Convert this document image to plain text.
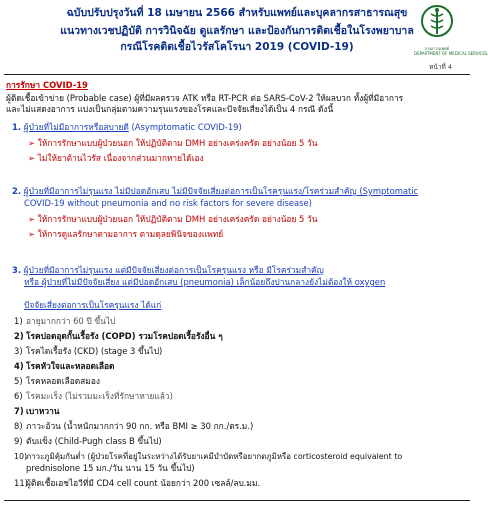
ฉบับปรับปรุงวันที่ 18 เมษายน 2566 สำหรับแพทย์และบุคลากรสาธารณสุข
แนวทางเวชปฏิบัติ การวินิจฉัย ดูแลรักษา และป้องกันการติดเชื้อในโรงพยาบาล
กรณีโรคติดเชื้อไวรัสโคโรนา 2019 (COVID-19)	กรมการแพทย์
DEPARTMENT OF MEDICAL SERVICES
หน้าที่ 4
การรักษา COVID-19
ผู้ติดเชื้อเข้าข่าย (Probable case) ผู้ที่มีผลตรวจ ATK หรือ RT-PCR ต่อ SARS-CoV-2 ให้ผลบวก ทั้งผู้ที่มีอาการ
และไม่แสดงอาการ แบ่งเป็นกลุ่มตามความรุนแรงของโรคและปัจจัยเสี่ยงได้เป็น 4 กรณี ดังนี้
1. ผู้ป่วยที่ไม่มีอาการหรือสบายดี (Asymptomatic COVID-19)
➢ ให้การรักษาแบบผู้ป่วยนอก ให้ปฏิบัติตาม DMH อย่างเคร่งครัด อย่างน้อย 5 วัน
➢ ไม่ให้ยาต้านไวรัส เนื่องจากส่วนมากหายได้เอง
2. ผู้ป่วยที่มีอาการไม่รุนแรง ไม่มีปอดอักเสบ ไม่มีปัจจัยเสี่ยงต่อการเป็นโรครุนแรง/โรคร่วมสำคัญ (Symptomatic
COVID-19 without pneumonia and no risk factors for severe disease)
➢ ให้การรักษาแบบผู้ป่วยนอก ให้ปฏิบัติตาม DMH อย่างเคร่งครัด อย่างน้อย 5 วัน
➢ ให้การดูแลรักษาตามอาการ ตามดุลยพินิจของแพทย์
3. ผู้ป่วยที่มีอาการไม่รุนแรง แต่มีปัจจัยเสี่ยงต่อการเป็นโรครุนแรง หรือ มีโรคร่วมสำคัญ
หรือ ผู้ป่วยที่ไม่มีปัจจัยเสี่ยง แต่มีปอดอักเสบ (pneumonia) เล็กน้อยถึงปานกลางยังไม่ต้องให้ oxygen
ปัจจัยเสี่ยงต่อการเป็นโรครุนแรง ได้แก่
1) อายุมากกว่า 60 ปี ขึ้นไป
2) โรคปอดอุดกั้นเรื้อรัง (COPD) รวมโรคปอดเรื้อรังอื่น ๆ
3) โรคไตเรื้อรัง (CKD) (stage 3 ขึ้นไป)
4) โรคหัวใจและหลอดเลือด
5) โรคหลอดเลือดสมอง
6) โรคมะเร็ง (ไม่รวมมะเร็งที่รักษาหายแล้ว)
7) เบาหวาน
8) ภาวะอ้วน (น้ำหนักมากกว่า 90 กก. หรือ BMI ≥ 30 กก./ตร.ม.)
9) ตับแข็ง (Child-Pugh class B ขึ้นไป)
10)ภาวะภูมิคุ้มกันต่ำ (ผู้ป่วยโรคที่อยู่ในระหว่างได้รับยาเคมีบำบัดหรือยากดภูมิหรือ corticosteroid equivalent to
prednisolone 15 มก./วัน นาน 15 วัน ขึ้นไป)
11)ผู้ติดเชื้อเอชไอวีที่มี CD4 cell count น้อยกว่า 200 เซลล์/ลบ.มม.
